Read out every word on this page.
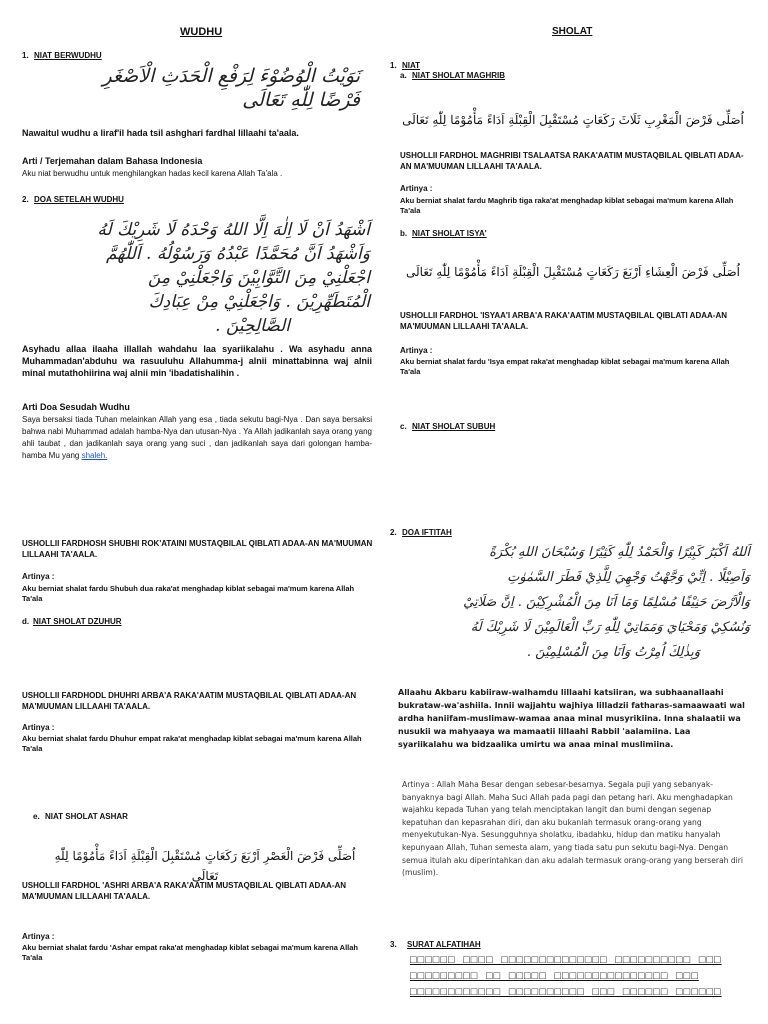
WUDHU
1. NIAT BERWUDHU
نَوَيْتُ الْوُضُوْءَ لِرَفْعِ الْحَدَثِ الْاَصْغَرِ فَرْضًا لِلّٰهِ تَعَالَى
Nawaitul wudhu a liraf'il hada tsil ashghari fardhal lillaahi ta'aala.
Arti / Terjemahan dalam Bahasa Indonesia
Aku niat berwudhu untuk menghilangkan hadas kecil karena Allah Ta'ala .
2. DOA SETELAH WUDHU
اَشْهَدُ اَنْ لَا اِلٰهَ اِلَّا اللهُ وَحْدَهُ لَا شَرِيْكَ لَهُ
وَاَشْهَدُ اَنَّ مُحَمَّدًا عَبْدُهُ وَرَسُوْلُهُ . اَللّٰهُمَّ
اجْعَلْنِيْ مِنَ التَّوَّابِيْنَ وَاجْعَلْنِيْ مِنَ
الْمُتَطَهِّرِيْنَ . وَاجْعَلْنِيْ مِنْ عِبَادِكَ
الصَّالِحِيْنَ .
Asyhadu allaa ilaaha illallah wahdahu laa syariikalahu . Wa asyhadu anna Muhammadan'abduhu wa rasuuluhu Allahumma-j alnii minattabinna waj alnii minal mutathohiirina waj alnii min 'ibadatishalihin .
Arti Doa Sesudah Wudhu
Saya bersaksi tiada Tuhan melainkan Allah yang esa , tiada sekutu bagi-Nya . Dan saya bersaksi bahwa nabi Muhammad adalah hamba-Nya dan utusan-Nya . Ya Allah jadikanlah saya orang yang ahli taubat , dan jadikanlah saya orang yang suci , dan jadikanlah saya dari golongan hamba-hamba Mu yang shaleh.
USHOLLII FARDHOSH SHUBHI ROK'ATAINI MUSTAQBILAL QIBLATI ADAA-AN MA'MUUMAN LILLAAHI TA'AALA.
Artinya :
Aku berniat shalat fardu Shubuh dua raka'at menghadap kiblat sebagai ma'mum karena Allah Ta'ala
d. NIAT SHOLAT DZUHUR
USHOLLII FARDHODL DHUHRI ARBA'A RAKA'AATIM MUSTAQBILAL QIBLATI ADAA-AN MA'MUUMAN LILLAAHI TA'AALA.
Artinya :
Aku berniat shalat fardu Dhuhur empat raka'at menghadap kiblat sebagai ma'mum karena Allah Ta'ala
e. NIAT SHOLAT ASHAR
اُصَلِّى فَرْضَ الْعَصْرِ اَرْبَعَ رَكَعَاتٍ مُسْتَقْبِلَ الْقِبْلَةِ اَدَاءً مَأْمُوْمًا لِلّٰهِ تَعَالَى
USHOLLII FARDHOL 'ASHRI ARBA'A RAKA'AATIM MUSTAQBILAL QIBLATI ADAA-AN MA'MUUMAN LILLAAHI TA'AALA.
Artinya :
Aku berniat shalat fardu 'Ashar empat raka'at menghadap kiblat sebagai ma'mum karena Allah Ta'ala
SHOLAT
1. NIAT
a. NIAT SHOLAT MAGHRIB
اُصَلِّى فَرْضَ الْمَغْرِبِ ثَلَاثَ رَكَعَاتٍ مُسْتَقْبِلَ الْقِبْلَةِ اَدَاءً مَأْمُوْمًا لِلّٰهِ تَعَالَى
USHOLLII FARDHOL MAGHRIBI TSALAATSA RAKA'AATIM MUSTAQBILAL QIBLATI ADAA-AN MA'MUUMAN LILLAAHI TA'AALA.
Artinya :
Aku berniat shalat fardu Maghrib tiga raka'at menghadap kiblat sebagai ma'mum karena Allah Ta'ala
b. NIAT SHOLAT ISYA'
اُصَلِّى فَرْضَ الْعِشَاءِ اَرْبَعَ رَكَعَاتٍ مُسْتَقْبِلَ الْقِبْلَةِ اَدَاءً مَأْمُوْمًا لِلّٰهِ تَعَالَى
USHOLLII FARDHOL 'ISYAA'I ARBA'A RAKA'AATIM MUSTAQBILAL QIBLATI ADAA-AN MA'MUUMAN LILLAAHI TA'AALA.
Artinya :
Aku berniat shalat fardu 'Isya empat raka'at menghadap kiblat sebagai ma'mum karena Allah Ta'ala
c. NIAT SHOLAT SUBUH
2. DOA IFTITAH
اَللهُ اَكْبَرُ كَبِيْرًا وَالْحَمْدُ لِلّٰهِ كَثِيْرًا وَسُبْحَانَ اللهِ بُكْرَةً
وَاَصِيْلًا . اِنِّيْ وَجَّهْتُ وَجْهِيَ لِلَّذِيْ فَطَرَ السَّمٰوٰتِ
وَالْاَرْضَ حَنِيْفًا مُسْلِمًا وَمَا اَنَا مِنَ الْمُشْرِكِيْنَ . اِنَّ صَلَاتِيْ
وَنُسُكِيْ وَمَحْيَايَ وَمَمَاتِيْ لِلّٰهِ رَبِّ الْعَالَمِيْنَ لَا شَرِيْكَ لَهُ
وَبِذٰلِكَ اُمِرْتُ وَاَنَا مِنَ الْمُسْلِمِيْنَ .
Allaahu Akbaru kabiiraw-walhamdu lillaahi katsiiran, wa subhaanallaahi bukrataw-wa'ashiila. Innii wajjahtu wajhiya lilladzii fatharas-samaawaati wal ardha haniifam-muslimaw-wamaa anaa minal musyrikiina. Inna shalaatii wa nusukii wa mahyaaya wa mamaatii lillaahi Rabbil 'aalamiina. Laa syariikalahu wa bidzaalika umirtu wa anaa minal muslimiina.
Artinya : Allah Maha Besar dengan sebesar-besarnya. Segala puji yang sebanyak-banyaknya bagi Allah. Maha Suci Allah pada pagi dan petang hari. Aku menghadapkan wajahku kepada Tuhan yang telah menciptakan langit dan bumi dengan segenap kepatuhan dan kepasrahan diri, dan aku bukanlah termasuk orang-orang yang menyekutukan-Nya. Sesungguhnya sholatku, ibadahku, hidup dan matiku hanyalah kepunyaan Allah, Tuhan semesta alam, yang tiada satu pun sekutu bagi-Nya. Dengan semua itulah aku diperintahkan dan aku adalah termasuk orang-orang yang berserah diri (muslim).
3. SURAT ALFATIHAH
□□□□□□ □□□□ □□□□□□□□□□□□□□ □□□□□□□□□□ □□□
□□□□□□□□□ □□ □□□□□ □□□□□□□□□□□□□□□ □□□
□□□□□□□□□□□□ □□□□□□□□□□ □□□ □□□□□□ □□□□□□
